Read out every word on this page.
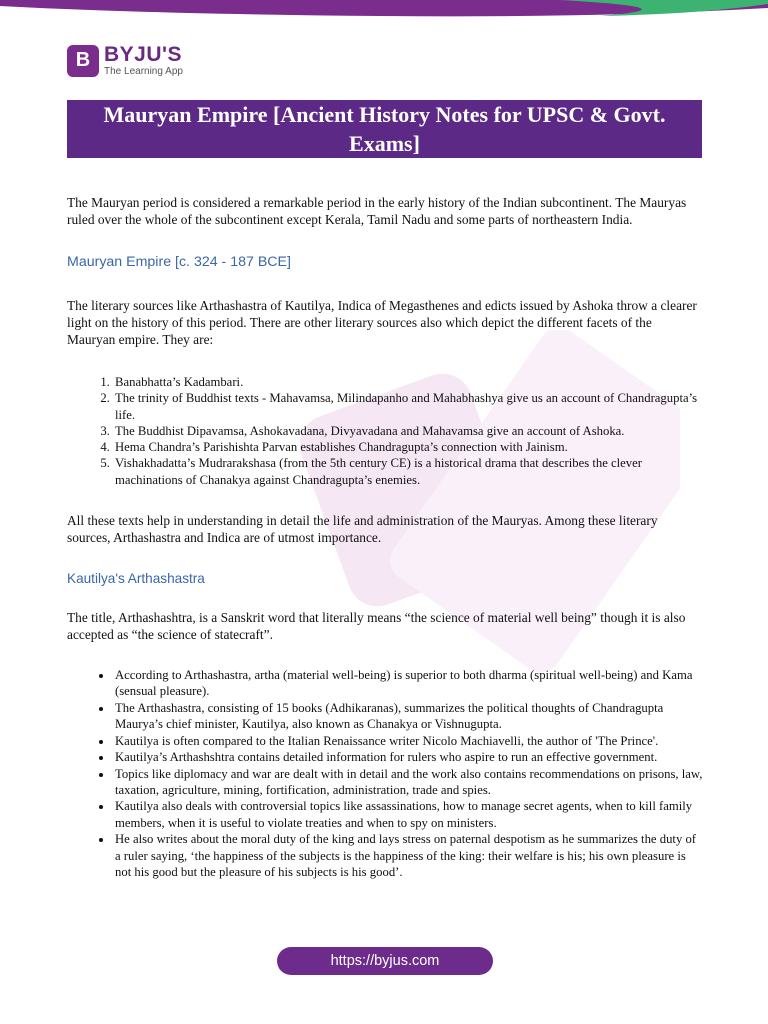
B BYJU'S
The Learning App
Mauryan Empire [Ancient History Notes for UPSC & Govt. Exams]

The Mauryan period is considered a remarkable period in the early history of the Indian subcontinent. The Mauryas ruled over the whole of the subcontinent except Kerala, Tamil Nadu and some parts of northeastern India.

Mauryan Empire [c. 324 - 187 BCE]

The literary sources like Arthashastra of Kautilya, Indica of Megasthenes and edicts issued by Ashoka throw a clearer light on the history of this period. There are other literary sources also which depict the different facets of the Mauryan empire. They are:

1. Banabhatta’s Kadambari.
2. The trinity of Buddhist texts - Mahavamsa, Milindapanho and Mahabhashya give us an account of Chandragupta’s life.
3. The Buddhist Dipavamsa, Ashokavadana, Divyavadana and Mahavamsa give an account of Ashoka.
4. Hema Chandra’s Parishishta Parvan establishes Chandragupta’s connection with Jainism.
5. Vishakhadatta’s Mudrarakshasa (from the 5th century CE) is a historical drama that describes the clever machinations of Chanakya against Chandragupta’s enemies.

All these texts help in understanding in detail the life and administration of the Mauryas. Among these literary sources, Arthashastra and Indica are of utmost importance.

Kautilya's Arthashastra

The title, Arthashashtra, is a Sanskrit word that literally means “the science of material well being” though it is also accepted as “the science of statecraft”.

• According to Arthashastra, artha (material well-being) is superior to both dharma (spiritual well-being) and Kama (sensual pleasure).
• The Arthashastra, consisting of 15 books (Adhikaranas), summarizes the political thoughts of Chandragupta Maurya’s chief minister, Kautilya, also known as Chanakya or Vishnugupta.
• Kautilya is often compared to the Italian Renaissance writer Nicolo Machiavelli, the author of 'The Prince'.
• Kautilya’s Arthashshtra contains detailed information for rulers who aspire to run an effective government.
• Topics like diplomacy and war are dealt with in detail and the work also contains recommendations on prisons, law, taxation, agriculture, mining, fortification, administration, trade and spies.
• Kautilya also deals with controversial topics like assassinations, how to manage secret agents, when to kill family members, when it is useful to violate treaties and when to spy on ministers.
• He also writes about the moral duty of the king and lays stress on paternal despotism as he summarizes the duty of a ruler saying, ‘the happiness of the subjects is the happiness of the king: their welfare is his; his own pleasure is not his good but the pleasure of his subjects is his good’.
https://byjus.com
